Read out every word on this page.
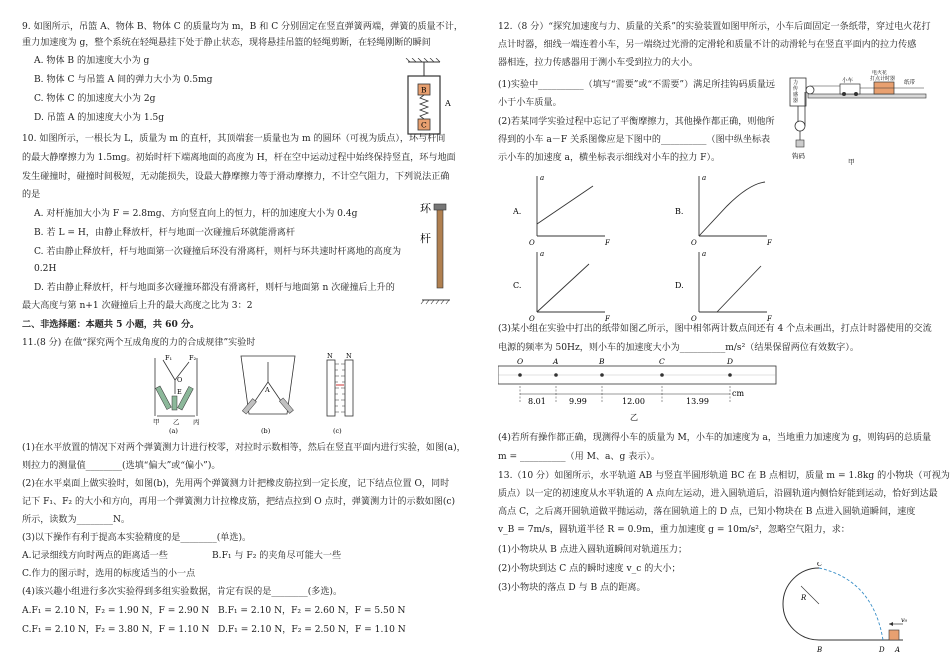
9. 如图所示，吊篮 A、物体 B、物体 C 的质量均为 m，B 和 C 分别固定在竖直弹簧两端，弹簧的质量不计，
重力加速度为 g，整个系统在轻绳悬挂下处于静止状态，现将悬挂吊篮的轻绳剪断，在轻绳刚断的瞬间
A. 物体 B 的加速度大小为 g
B. 物体 C 与吊篮 A 间的弹力大小为 0.5mg
C. 物体 C 的加速度大小为 2g
D. 吊篮 A 的加速度大小为 1.5g
B
C
A
10. 如图所示，一根长为 L，质量为 m 的直杆，其顶端套一质量也为 m 的圆环（可视为质点），环与杆间
的最大静摩擦力为 1.5mg。初始时杆下端离地面的高度为 H，杆在空中运动过程中始终保持竖直，环与地面
发生碰撞时，碰撞时间极短，无动能损失，设最大静摩擦力等于滑动摩擦力，不计空气阻力，下列说法正确
的是
A. 对杆施加大小为 F = 2.8mg、方向竖直向上的恒力，杆的加速度大小为 0.4g
B. 若 L = H，由静止释放杆，杆与地面一次碰撞后环就能滑离杆
C. 若由静止释放杆，杆与地面第一次碰撞后环没有滑离杆，则杆与环共速时杆离地的高度为
0.2H
D. 若由静止释放杆，杆与地面多次碰撞环都没有滑离杆，则杆与地面第 n 次碰撞后上升的
最大高度与第 n+1 次碰撞后上升的最大高度之比为 3：2
环
杆
二、非选择题：本题共 5 小题，共 60 分。
11.(8 分) 在做“探究两个互成角度的力的合成规律”实验时
F₁	F₂
O
E
甲 乙 丙
(a)
A
(b)
N N
(c)
(1)在水平放置的情况下对两个弹簧测力计进行校零，对拉时示数相等，然后在竖直平面内进行实验，如图(a)，
则拉力的测量值________(选填“偏大”或“偏小”)。
(2)在水平桌面上做实验时，如图(b)，先用两个弹簧测力计把橡皮筋拉到一定长度，记下结点位置 O，同时
记下 F₁、F₂ 的大小和方向，再用一个弹簧测力计拉橡皮筋，把结点拉到 O 点时，弹簧测力计的示数如图(c)
所示，读数为________N。
(3)以下操作有利于提高本实验精度的是________(单选)。
A.记录细线方向时两点的距离适一些	B.F₁ 与 F₂ 的夹角尽可能大一些
C.作力的图示时，选用的标度适当的小一点
(4)该兴趣小组进行多次实验得到多组实验数据，肯定有误的是________(多选)。
A.F₁ = 2.10 N，F₂ = 1.90 N，F = 2.90 N B.F₁ = 2.10 N，F₂ = 2.60 N，F = 5.50 N
C.F₁ = 2.10 N，F₂ = 3.80 N，F = 1.10 N D.F₁ = 2.10 N，F₂ = 2.50 N，F = 1.10 N
12.（8 分）“探究加速度与力、质量的关系”的实验装置如图甲所示，小车后面固定一条纸带，穿过电火花打
点计时器，细线一端连着小车，另一端绕过光滑的定滑轮和质量不计的动滑轮与在竖直平面内的拉力传感
器相连，拉力传感器用于测小车受到拉力的大小。
(1)实验中__________（填写“需要”或“不需要”）满足所挂钩码质量远
小于小车质量。
(2)若某同学实验过程中忘记了平衡摩擦力，其他操作都正确，则他所
得到的小车 a－F 关系图像应是下图中的__________（图中纵坐标表
示小车的加速度 a，横坐标表示细线对小车的拉力 F）。
力传感器
钩码
小车
电火花
打点计时器
纸带
甲
A.
a
F
O
B.
a
F
O
C.
a
F
O
D.
a
F
O
(3)某小组在实验中打出的纸带如图乙所示，图中相邻两计数点间还有 4 个点未画出，打点计时器使用的交流
电源的频率为 50Hz，则小车的加速度大小为__________m/s²（结果保留两位有效数字）。
O	A	B	C	D
8.01	9.99	12.00	13.99
cm
乙
(4)若所有操作都正确，现测得小车的质量为 M，小车的加速度为 a，当地重力加速度为 g，则钩码的总质量
m = __________（用 M、a、g 表示）。
13.（10 分）如图所示，水平轨道 AB 与竖直半圆形轨道 BC 在 B 点相切，质量 m = 1.8kg 的小物块（可视为
质点）以一定的初速度从水平轨道的 A 点向左运动，进入圆轨道后，沿圆轨道内侧恰好能到运动，恰好到达最
高点 C，之后离开圆轨道做平抛运动，落在圆轨道上的 D 点，已知小物块在 B 点进入圆轨道瞬间，速度
v_B = 7m/s，圆轨道半径 R = 0.9m，重力加速度 g = 10m/s²，忽略空气阻力，求：
(1)小物块从 B 点进入圆轨道瞬间对轨道压力；
(2)小物块到达 C 点的瞬时速度 v_c 的大小；
(3)小物块的落点 D 与 B 点的距离。
C
R
B	D A
v₀
